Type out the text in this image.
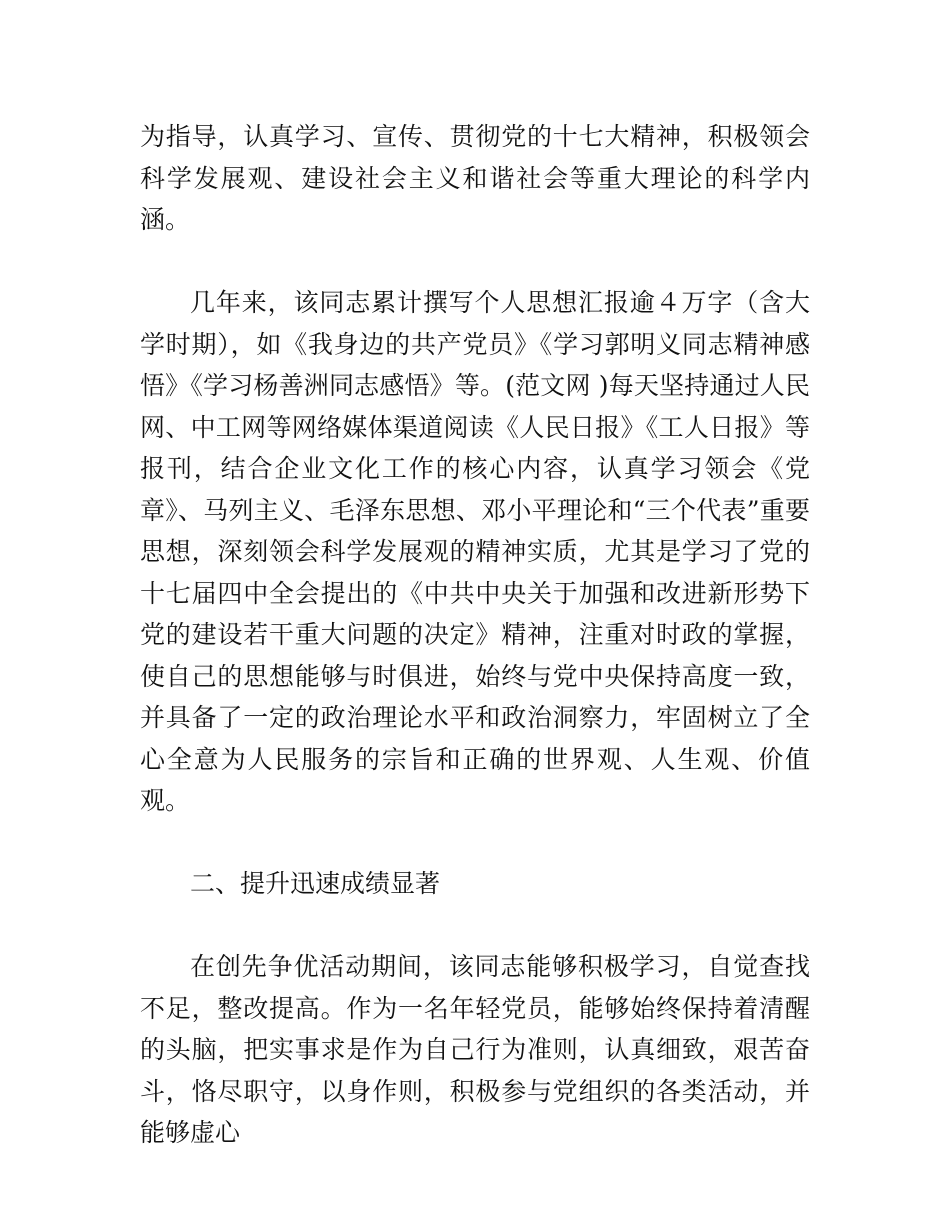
为指导，认真学习、宣传、贯彻党的十七大精神，积极领会科学发展观、建设社会主义和谐社会等重大理论的科学内涵。

几年来，该同志累计撰写个人思想汇报逾４万字（含大学时期），如《我身边的共产党员》《学习郭明义同志精神感悟》《学习杨善洲同志感悟》等。(范文网 )每天坚持通过人民网、中工网等网络媒体渠道阅读《人民日报》《工人日报》等报刊，结合企业文化工作的核心内容，认真学习领会《党章》、马列主义、毛泽东思想、邓小平理论和“三个代表”重要思想，深刻领会科学发展观的精神实质，尤其是学习了党的十七届四中全会提出的《中共中央关于加强和改进新形势下党的建设若干重大问题的决定》精神，注重对时政的掌握，使自己的思想能够与时俱进，始终与党中央保持高度一致，并具备了一定的政治理论水平和政治洞察力，牢固树立了全心全意为人民服务的宗旨和正确的世界观、人生观、价值观。

二、提升迅速成绩显著

在创先争优活动期间，该同志能够积极学习，自觉查找不足，整改提高。作为一名年轻党员，能够始终保持着清醒的头脑，把实事求是作为自己行为准则，认真细致，艰苦奋斗，恪尽职守，以身作则，积极参与党组织的各类活动，并能够虚心
